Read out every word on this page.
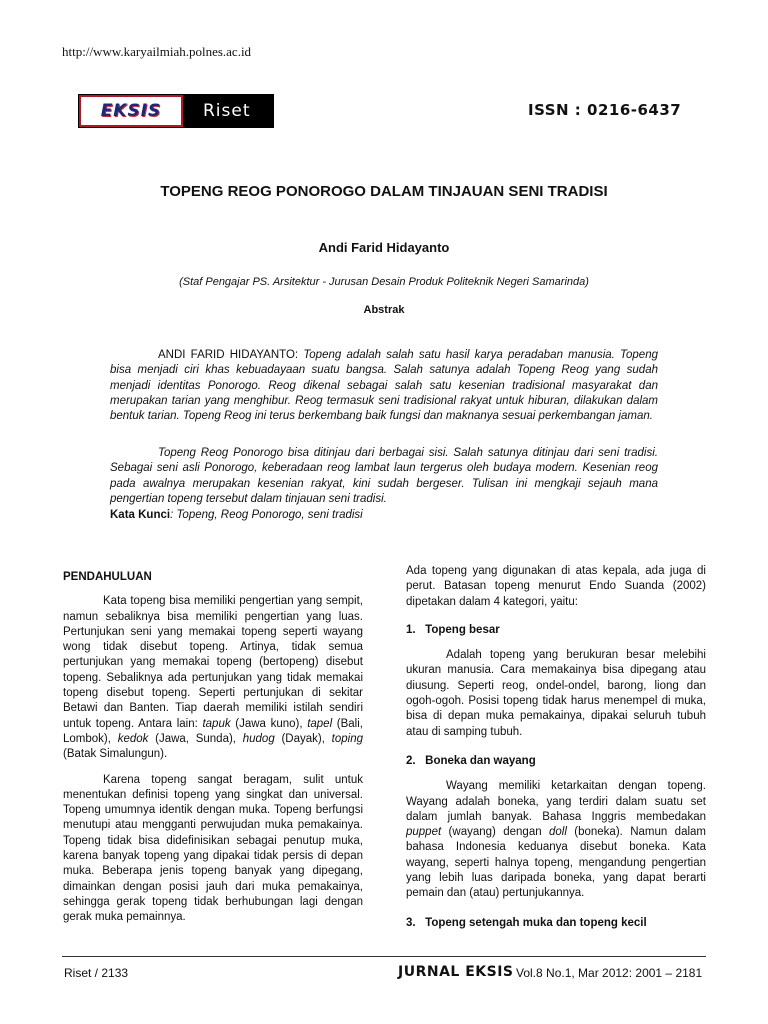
http://www.karyailmiah.polnes.ac.id
EKSIS	Riset	ISSN : 0216-6437
TOPENG REOG PONOROGO DALAM TINJAUAN SENI TRADISI
Andi Farid Hidayanto
(Staf Pengajar PS. Arsitektur - Jurusan Desain Produk Politeknik Negeri Samarinda)
Abstrak

ANDI FARID HIDAYANTO: Topeng adalah salah satu hasil karya peradaban manusia. Topeng bisa menjadi ciri khas kebuadayaan suatu bangsa. Salah satunya adalah Topeng Reog yang sudah menjadi identitas Ponorogo. Reog dikenal sebagai salah satu kesenian tradisional masyarakat dan merupakan tarian yang menghibur. Reog termasuk seni tradisional rakyat untuk hiburan, dilakukan dalam bentuk tarian. Topeng Reog ini terus berkembang baik fungsi dan maknanya sesuai perkembangan jaman.

Topeng Reog Ponorogo bisa ditinjau dari berbagai sisi. Salah satunya ditinjau dari seni tradisi. Sebagai seni asli Ponorogo, keberadaan reog lambat laun tergerus oleh budaya modern. Kesenian reog pada awalnya merupakan kesenian rakyat, kini sudah bergeser. Tulisan ini mengkaji sejauh mana pengertian topeng tersebut dalam tinjauan seni tradisi.

Kata Kunci: Topeng, Reog Ponorogo, seni tradisi
PENDAHULUAN

Kata topeng bisa memiliki pengertian yang sempit, namun sebaliknya bisa memiliki pengertian yang luas. Pertunjukan seni yang memakai topeng seperti wayang wong tidak disebut topeng. Artinya, tidak semua pertunjukan yang memakai topeng (bertopeng) disebut topeng. Sebaliknya ada pertunjukan yang tidak memakai topeng disebut topeng. Seperti pertunjukan di sekitar Betawi dan Banten. Tiap daerah memiliki istilah sendiri untuk topeng. Antara lain: tapuk (Jawa kuno), tapel (Bali, Lombok), kedok (Jawa, Sunda), hudog (Dayak), toping (Batak Simalungun).

Karena topeng sangat beragam, sulit untuk menentukan definisi topeng yang singkat dan universal. Topeng umumnya identik dengan muka. Topeng berfungsi menutupi atau mengganti perwujudan muka pemakainya. Topeng tidak bisa didefinisikan sebagai penutup muka, karena banyak topeng yang dipakai tidak persis di depan muka. Beberapa jenis topeng banyak yang dipegang, dimainkan dengan posisi jauh dari muka pemakainya, sehingga gerak topeng tidak berhubungan lagi dengan gerak muka pemainnya.

Ada topeng yang digunakan di atas kepala, ada juga di perut. Batasan topeng menurut Endo Suanda (2002) dipetakan dalam 4 kategori, yaitu:

1.   Topeng besar

Adalah topeng yang berukuran besar melebihi ukuran manusia. Cara memakainya bisa dipegang atau diusung. Seperti reog, ondel-ondel, barong, liong dan ogoh-ogoh. Posisi topeng tidak harus menempel di muka, bisa di depan muka pemakainya, dipakai seluruh tubuh atau di samping tubuh.

2.   Boneka dan wayang

Wayang memiliki ketarkaitan dengan topeng. Wayang adalah boneka, yang terdiri dalam suatu set dalam jumlah banyak. Bahasa Inggris membedakan puppet (wayang) dengan doll (boneka). Namun dalam bahasa Indonesia keduanya disebut boneka. Kata wayang, seperti halnya topeng, mengandung pengertian yang lebih luas daripada boneka, yang dapat berarti pemain dan (atau) pertunjukannya.

3.   Topeng setengah muka dan topeng kecil
Riset / 2133	JURNAL EKSIS Vol.8 No.1, Mar 2012: 2001 – 2181
